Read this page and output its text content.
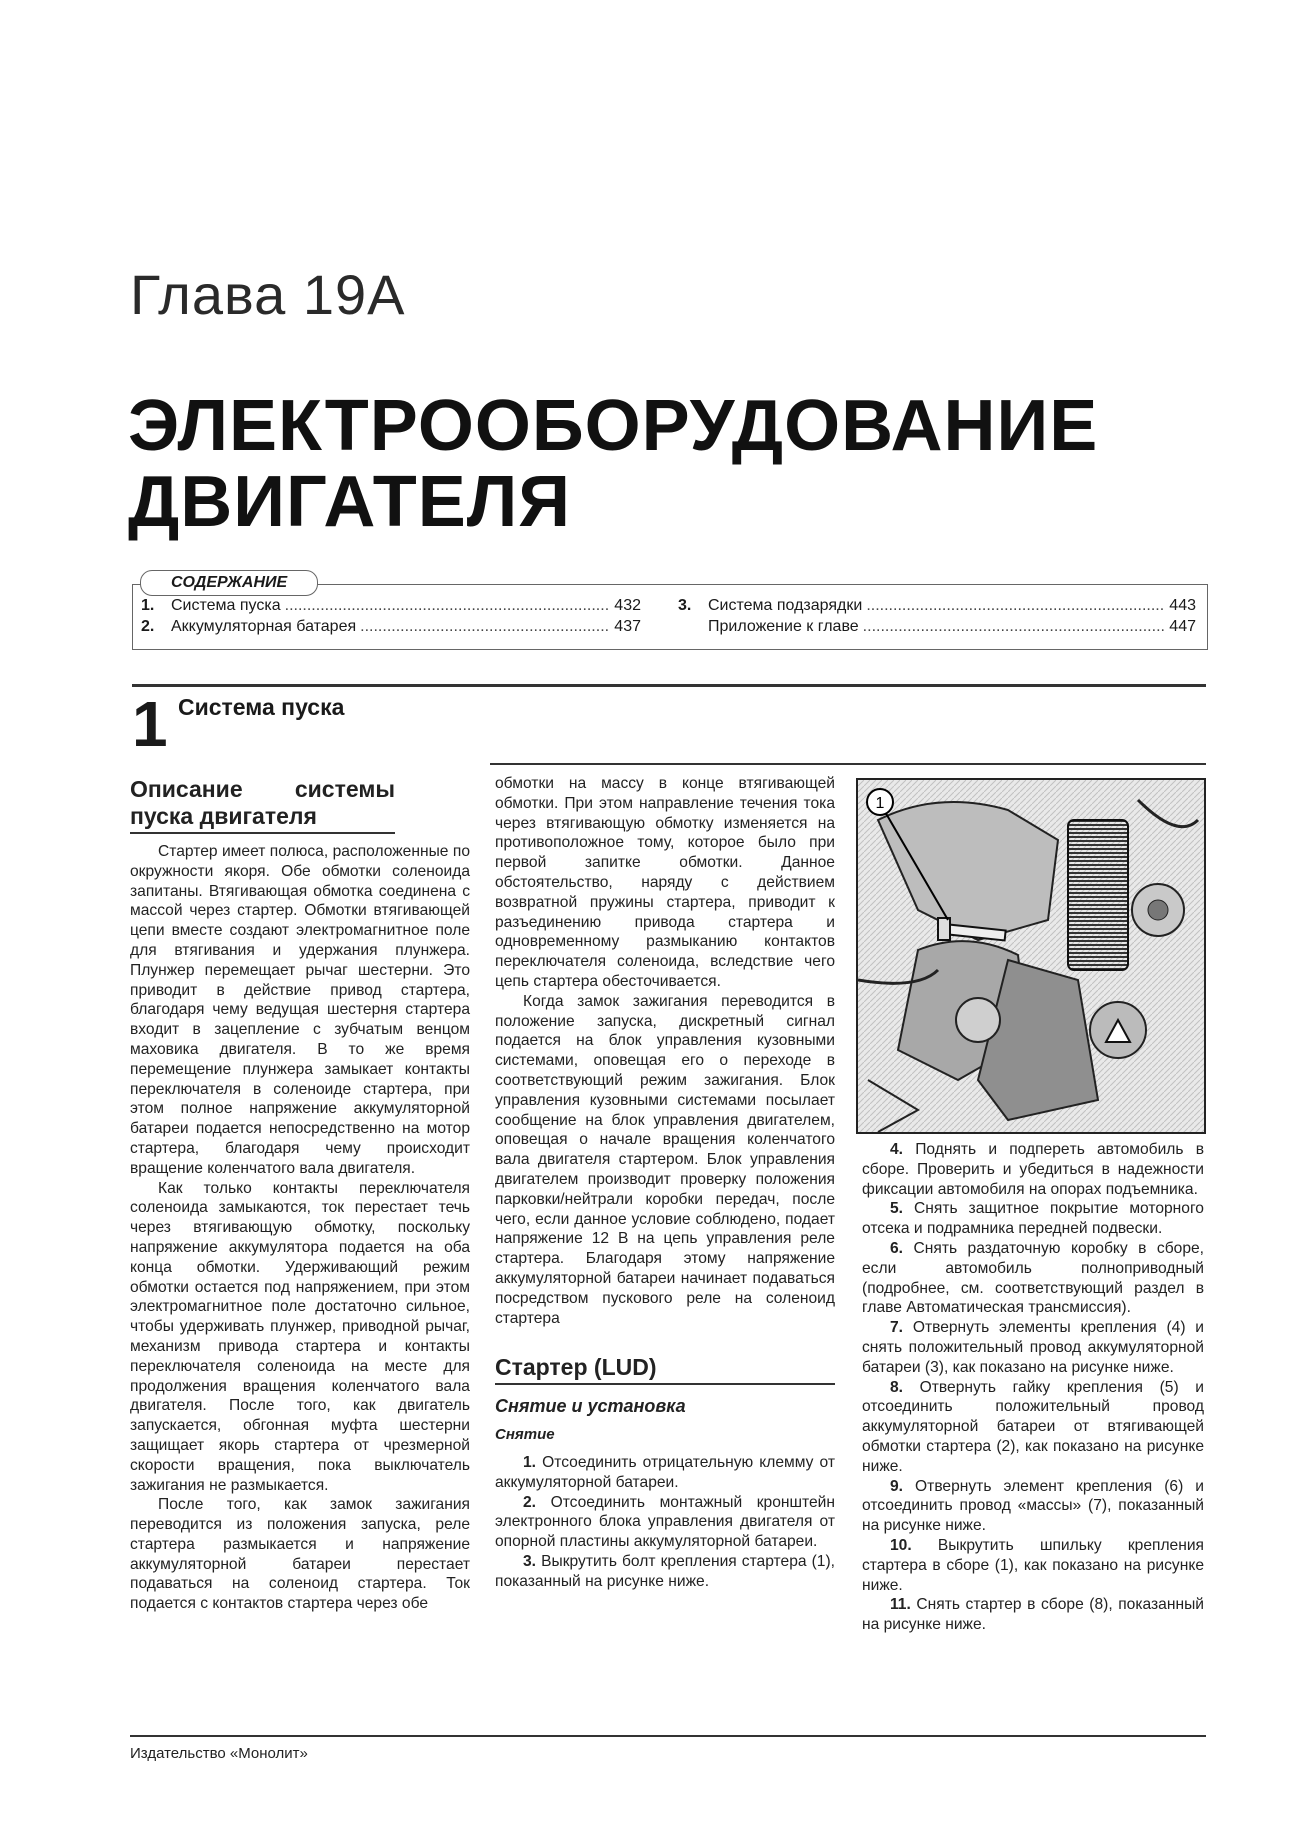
Глава 19А
ЭЛЕКТРООБОРУДОВАНИЕ
ДВИГАТЕЛЯ
1.	Система пуска .....	432
2.	Аккумуляторная батарея .....	437
3.	Система подзарядки .....	443
Приложение к главе .....	447
СОДЕРЖАНИЕ
1 Система пуска
Описание системы пуска двигателя

Стартер имеет полюса, расположенные по окружности якоря. Обе обмотки соленоида запитаны. Втягивающая обмотка соединена с массой через стартер. Обмотки втягивающей цепи вместе создают электромагнитное поле для втягивания и удержания плунжера. Плунжер перемещает рычаг шестерни. Это приводит в действие привод стартера, благодаря чему ведущая шестерня стартера входит в зацепление с зубчатым венцом маховика двигателя. В то же время перемещение плунжера замыкает контакты переключателя в соленоиде стартера, при этом полное напряжение аккумуляторной батареи подается непосредственно на мотор стартера, благодаря чему происходит вращение коленчатого вала двигателя.

Как только контакты переключателя соленоида замыкаются, ток перестает течь через втягивающую обмотку, поскольку напряжение аккумулятора подается на оба конца обмотки. Удерживающий режим обмотки остается под напряжением, при этом электромагнитное поле достаточно сильное, чтобы удерживать плунжер, приводной рычаг, механизм привода стартера и контакты переключателя соленоида на месте для продолжения вращения коленчатого вала двигателя. После того, как двигатель запускается, обгонная муфта шестерни защищает якорь стартера от чрезмерной скорости вращения, пока выключатель зажигания не размыкается.

После того, как замок зажигания переводится из положения запуска, реле стартера размыкается и напряжение аккумуляторной батареи перестает подаваться на соленоид стартера. Ток подается с контактов стартера через обе

обмотки на массу в конце втягивающей обмотки. При этом направление течения тока через втягивающую обмотку изменяется на противоположное тому, которое было при первой запитке обмотки. Данное обстоятельство, наряду с действием возвратной пружины стартера, приводит к разъединению привода стартера и одновременному размыканию контактов переключателя соленоида, вследствие чего цепь стартера обесточивается.

Когда замок зажигания переводится в положение запуска, дискретный сигнал подается на блок управления кузовными системами, оповещая его о переходе в соответствующий режим зажигания. Блок управления кузовными системами посылает сообщение на блок управления двигателем, оповещая о начале вращения коленчатого вала двигателя стартером. Блок управления двигателем производит проверку положения парковки/нейтрали коробки передач, после чего, если данное условие соблюдено, подает напряжение 12 В на цепь управления реле стартера. Благодаря этому напряжение аккумуляторной батареи начинает подаваться посредством пускового реле на соленоид стартера

Стартер (LUD)
Снятие и установка
Снятие

1. Отсоединить отрицательную клемму от аккумуляторной батареи.

2. Отсоединить монтажный кронштейн электронного блока управления двигателя от опорной пластины аккумуляторной батареи.

3. Выкрутить болт крепления стартера (1), показанный на рисунке ниже.

1

4. Поднять и подперeть автомобиль в сборе. Проверить и убедиться в надежности фиксации автомобиля на опорах подъемника.

5. Снять защитное покрытие моторного отсека и подрамника передней подвески.

6. Снять раздаточную коробку в сборе, если автомобиль полноприводный (подробнее, см. соответствующий раздел в главе Автоматическая трансмиссия).

7. Отвернуть элементы крепления (4) и снять положительный провод аккумуляторной батареи (3), как показано на рисунке ниже.

8. Отвернуть гайку крепления (5) и отсоединить положительный провод аккумуляторной батареи от втягивающей обмотки стартера (2), как показано на рисунке ниже.

9. Отвернуть элемент крепления (6) и отсоединить провод «массы» (7), показанный на рисунке ниже.

10. Выкрутить шпильку крепления стартера в сборе (1), как показано на рисунке ниже.

11. Снять стартер в сборе (8), показанный на рисунке ниже.

Издательство «Монолит»
